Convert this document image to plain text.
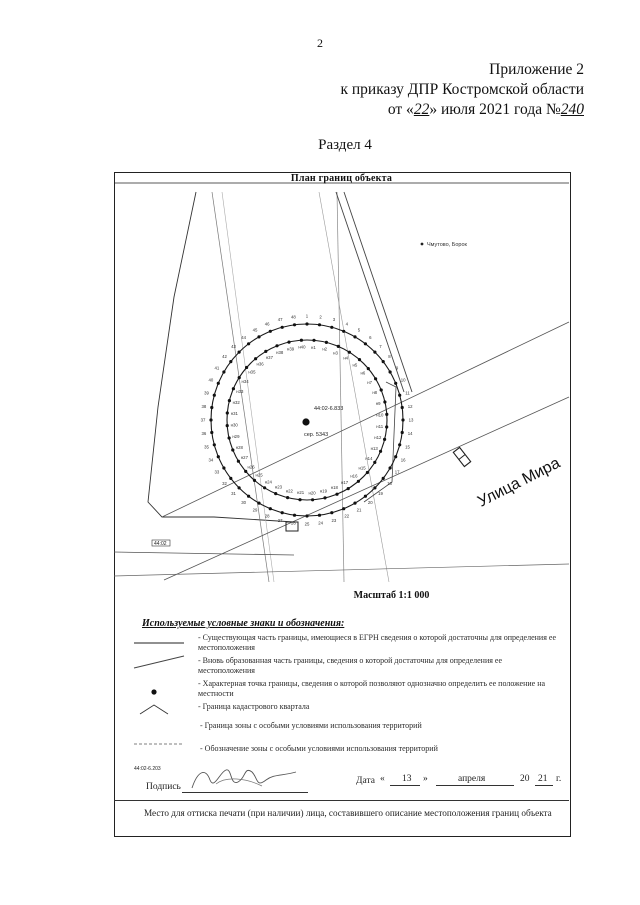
2
Приложение 2
к приказу ДПР Костромской области
от «22» июля 2021 года №240
Раздел 4
План границ объекта
Чмутово, Борок
1	2
3
4
5
6
7
8
9
10
11
12
13
14
15
16
17
18
19
20
21
22
23
24
25
26
27
28
29
30
31
32
33
34
35
36
37
38
39
40
41
42
43
44
45
46
47
48
н1 н2
н3
н4
н5
н6
н7
н8
н9
н10
н11
н12
н13
н14
н15
н16
н17
н18
н19
н20
н21
н22
н23
н24
н25
н26
н27
н28
н29
н30
н31
н32
н33
н34
н35
н36
н37
н38
н39 н40
44:02-6.833
сер. 5343
44:02
Улица Мира
Масштаб 1:1 000
Используемые условные знаки и обозначения:
44:02-6.203
- Существующая часть границы, имеющиеся в ЕГРН сведения о которой достаточны для определения ее местоположения
- Вновь образованная часть границы, сведения о которой достаточны для определения ее местоположения
- Характерная точка границы, сведения о которой позволяют однозначно определить ее положение на местности
- Граница кадастрового квартала
- Граница зоны с особыми условиями использования территорий
- Обозначение зоны с особыми условиями использования территорий
Подпись
Дата « 13 »	апреля	20 21 г.
Место для оттиска печати (при наличии) лица, составившего описание местоположения границ объекта
